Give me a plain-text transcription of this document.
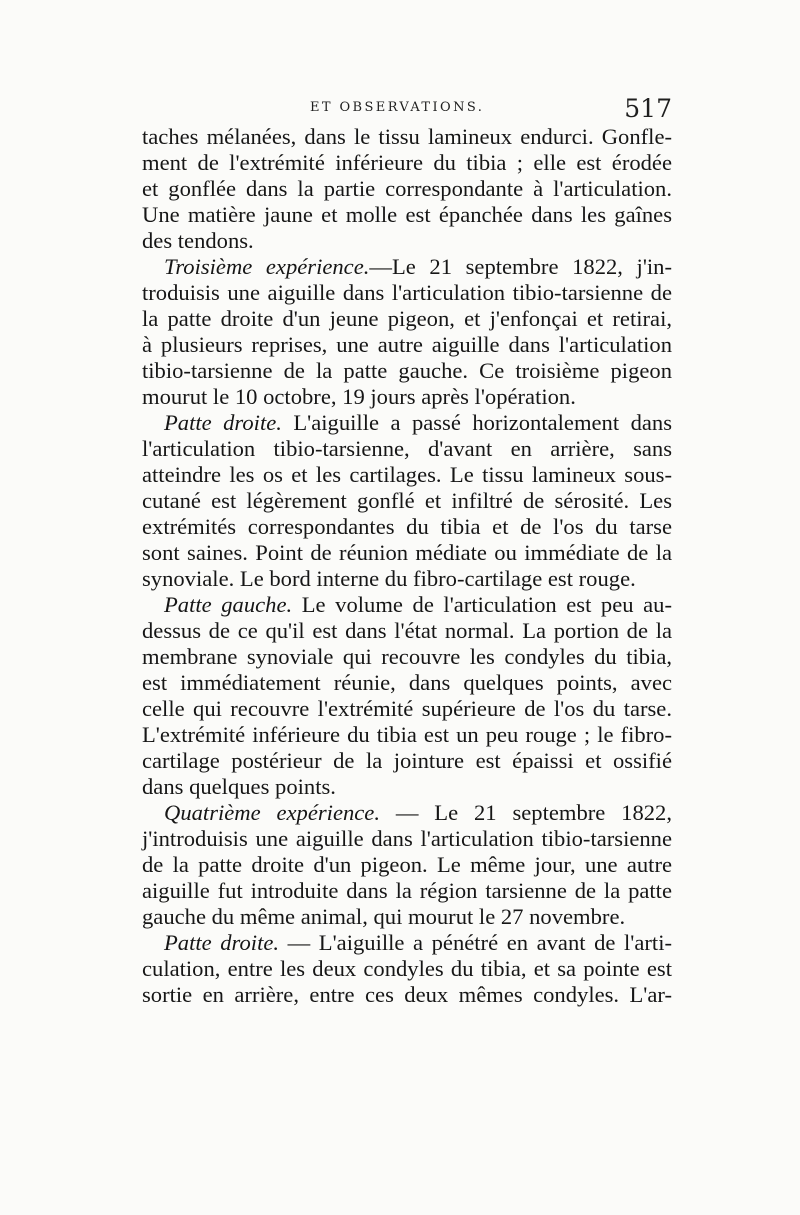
ET OBSERVATIONS.	517
taches mélanées, dans le tissu lamineux endurci. Gonfle-
ment de l'extrémité inférieure du tibia ; elle est érodée
et gonflée dans la partie correspondante à l'articulation.
Une matière jaune et molle est épanchée dans les gaînes
des tendons.
Troisième expérience.—Le 21 septembre 1822, j'in-
troduisis une aiguille dans l'articulation tibio-tarsienne de
la patte droite d'un jeune pigeon, et j'enfonçai et retirai,
à plusieurs reprises, une autre aiguille dans l'articulation
tibio-tarsienne de la patte gauche. Ce troisième pigeon
mourut le 10 octobre, 19 jours après l'opération.
Patte droite. L'aiguille a passé horizontalement dans
l'articulation tibio-tarsienne, d'avant en arrière, sans
atteindre les os et les cartilages. Le tissu lamineux sous-
cutané est légèrement gonflé et infiltré de sérosité. Les
extrémités correspondantes du tibia et de l'os du tarse
sont saines. Point de réunion médiate ou immédiate de la
synoviale. Le bord interne du fibro-cartilage est rouge.
Patte gauche. Le volume de l'articulation est peu au-
dessus de ce qu'il est dans l'état normal. La portion de la
membrane synoviale qui recouvre les condyles du tibia,
est immédiatement réunie, dans quelques points, avec
celle qui recouvre l'extrémité supérieure de l'os du tarse.
L'extrémité inférieure du tibia est un peu rouge ; le fibro-
cartilage postérieur de la jointure est épaissi et ossifié
dans quelques points.
Quatrième expérience. — Le 21 septembre 1822,
j'introduisis une aiguille dans l'articulation tibio-tarsienne
de la patte droite d'un pigeon. Le même jour, une autre
aiguille fut introduite dans la région tarsienne de la patte
gauche du même animal, qui mourut le 27 novembre.
Patte droite. — L'aiguille a pénétré en avant de l'arti-
culation, entre les deux condyles du tibia, et sa pointe est
sortie en arrière, entre ces deux mêmes condyles. L'ar-
